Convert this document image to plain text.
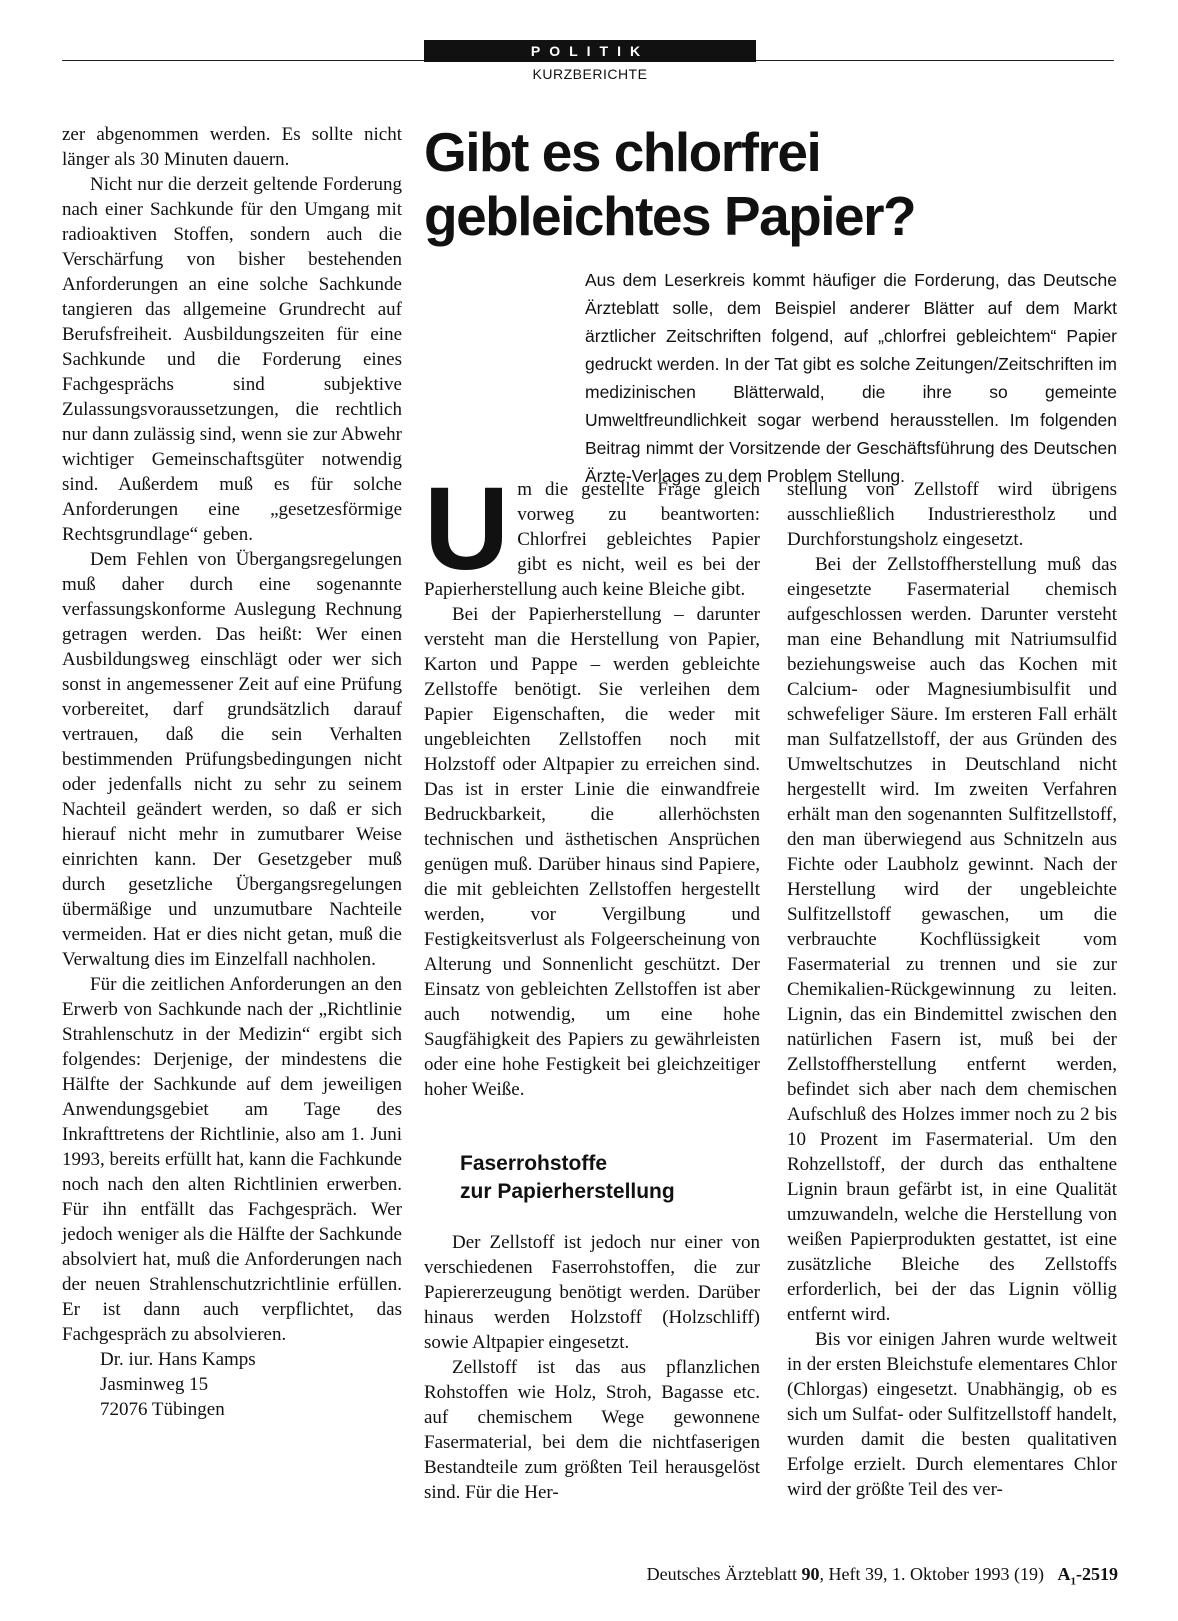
POLITIK
KURZBERICHTE

zer abgenommen werden. Es sollte nicht länger als 30 Minuten dauern.

Nicht nur die derzeit geltende Forderung nach einer Sachkunde für den Umgang mit radioaktiven Stoffen, sondern auch die Verschärfung von bisher bestehenden Anforderungen an eine solche Sachkunde tangieren das allgemeine Grundrecht auf Berufsfreiheit. Ausbildungszeiten für eine Sachkunde und die Forderung eines Fachgesprächs sind subjektive Zulassungsvoraussetzungen, die rechtlich nur dann zulässig sind, wenn sie zur Abwehr wichtiger Gemeinschaftsgüter notwendig sind. Außerdem muß es für solche Anforderungen eine „gesetzesförmige Rechtsgrundlage“ geben.

Dem Fehlen von Übergangsregelungen muß daher durch eine sogenannte verfassungskonforme Auslegung Rechnung getragen werden. Das heißt: Wer einen Ausbildungsweg einschlägt oder wer sich sonst in angemessener Zeit auf eine Prüfung vorbereitet, darf grundsätzlich darauf vertrauen, daß die sein Verhalten bestimmenden Prüfungsbedingungen nicht oder jedenfalls nicht zu sehr zu seinem Nachteil geändert werden, so daß er sich hierauf nicht mehr in zumutbarer Weise einrichten kann. Der Gesetzgeber muß durch gesetzliche Übergangsregelungen übermäßige und unzumutbare Nachteile vermeiden. Hat er dies nicht getan, muß die Verwaltung dies im Einzelfall nachholen.

Für die zeitlichen Anforderungen an den Erwerb von Sachkunde nach der „Richtlinie Strahlenschutz in der Medizin“ ergibt sich folgendes: Derjenige, der mindestens die Hälfte der Sachkunde auf dem jeweiligen Anwendungsgebiet am Tage des Inkrafttretens der Richtlinie, also am 1. Juni 1993, bereits erfüllt hat, kann die Fachkunde noch nach den alten Richtlinien erwerben. Für ihn entfällt das Fachgespräch. Wer jedoch weniger als die Hälfte der Sachkunde absolviert hat, muß die Anforderungen nach der neuen Strahlenschutzrichtlinie erfüllen. Er ist dann auch verpflichtet, das Fachgespräch zu absolvieren.

Dr. iur. Hans Kamps

Jasminweg 15

72076 Tübingen

Gibt es chlorfrei
gebleichtes Papier?
Aus dem Leserkreis kommt häufiger die Forderung, das Deutsche Ärzteblatt solle, dem Beispiel anderer Blätter auf dem Markt ärztlicher Zeitschriften folgend, auf „chlorfrei gebleichtem“ Papier gedruckt werden. In der Tat gibt es solche Zeitungen/Zeitschriften im medizinischen Blätterwald, die ihre so gemeinte Umweltfreundlichkeit sogar werbend herausstellen. Im folgenden Beitrag nimmt der Vorsitzende der Geschäftsführung des Deutschen Ärzte-Verlages zu dem Problem Stellung.

Um die gestellte Frage gleich vorweg zu beantworten: Chlorfrei gebleichtes Papier gibt es nicht, weil es bei der Papierherstellung auch keine Bleiche gibt.

Bei der Papierherstellung – darunter versteht man die Herstellung von Papier, Karton und Pappe – werden gebleichte Zellstoffe benötigt. Sie verleihen dem Papier Eigenschaften, die weder mit ungebleichten Zellstoffen noch mit Holzstoff oder Altpapier zu erreichen sind. Das ist in erster Linie die einwandfreie Bedruckbarkeit, die allerhöchsten technischen und ästhetischen Ansprüchen genügen muß. Darüber hinaus sind Papiere, die mit gebleichten Zellstoffen hergestellt werden, vor Vergilbung und Festigkeitsverlust als Folgeerscheinung von Alterung und Sonnenlicht geschützt. Der Einsatz von gebleichten Zellstoffen ist aber auch notwendig, um eine hohe Saugfähigkeit des Papiers zu gewährleisten oder eine hohe Festigkeit bei gleichzeitiger hoher Weiße.

Faserrohstoffe
zur Papierherstellung

Der Zellstoff ist jedoch nur einer von verschiedenen Faserrohstoffen, die zur Papiererzeugung benötigt werden. Darüber hinaus werden Holzstoff (Holzschliff) sowie Altpapier eingesetzt.

Zellstoff ist das aus pflanzlichen Rohstoffen wie Holz, Stroh, Bagasse etc. auf chemischem Wege gewonnene Fasermaterial, bei dem die nichtfaserigen Bestandteile zum größten Teil herausgelöst sind. Für die Her-

stellung von Zellstoff wird übrigens ausschließlich Industrierestholz und Durchforstungsholz eingesetzt.

Bei der Zellstoffherstellung muß das eingesetzte Fasermaterial chemisch aufgeschlossen werden. Darunter versteht man eine Behandlung mit Natriumsulfid beziehungsweise auch das Kochen mit Calcium- oder Magnesiumbisulfit und schwefeliger Säure. Im ersteren Fall erhält man Sulfatzellstoff, der aus Gründen des Umweltschutzes in Deutschland nicht hergestellt wird. Im zweiten Verfahren erhält man den sogenannten Sulfitzellstoff, den man überwiegend aus Schnitzeln aus Fichte oder Laubholz gewinnt. Nach der Herstellung wird der ungebleichte Sulfitzellstoff gewaschen, um die verbrauchte Kochflüssigkeit vom Fasermaterial zu trennen und sie zur Chemikalien-Rückgewinnung zu leiten. Lignin, das ein Bindemittel zwischen den natürlichen Fasern ist, muß bei der Zellstoffherstellung entfernt werden, befindet sich aber nach dem chemischen Aufschluß des Holzes immer noch zu 2 bis 10 Prozent im Fasermaterial. Um den Rohzellstoff, der durch das enthaltene Lignin braun gefärbt ist, in eine Qualität umzuwandeln, welche die Herstellung von weißen Papierprodukten gestattet, ist eine zusätzliche Bleiche des Zellstoffs erforderlich, bei der das Lignin völlig entfernt wird.

Bis vor einigen Jahren wurde weltweit in der ersten Bleichstufe elementares Chlor (Chlorgas) eingesetzt. Unabhängig, ob es sich um Sulfat- oder Sulfitzellstoff handelt, wurden damit die besten qualitativen Erfolge erzielt. Durch elementares Chlor wird der größte Teil des ver-

Deutsches Ärzteblatt 90, Heft 39, 1. Oktober 1993 (19) $A_1-2519$
